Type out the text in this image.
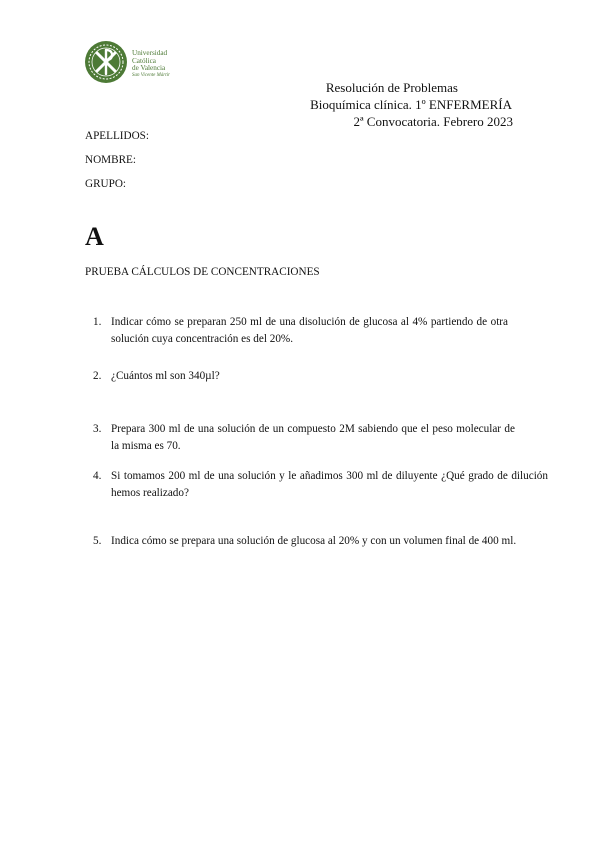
Universidad
Católica
de Valencia
San Vicente Mártir
Resolución de Problemas
Bioquímica clínica. 1º ENFERMERÍA
2ª Convocatoria. Febrero 2023
APELLIDOS:
NOMBRE:
GRUPO:
A
PRUEBA CÁLCULOS DE CONCENTRACIONES
1. Indicar cómo se preparan 250 ml de una disolución de glucosa al 4% partiendo de otra solución cuya concentración es del 20%.
2. ¿Cuántos ml son 340µl?
3. Prepara 300 ml de una solución de un compuesto 2M sabiendo que el peso molecular de la misma es 70.
4. Si tomamos 200 ml de una solución y le añadimos 300 ml de diluyente ¿Qué grado de dilución hemos realizado?
5. Indica cómo se prepara una solución de glucosa al 20% y con un volumen final de 400 ml.
